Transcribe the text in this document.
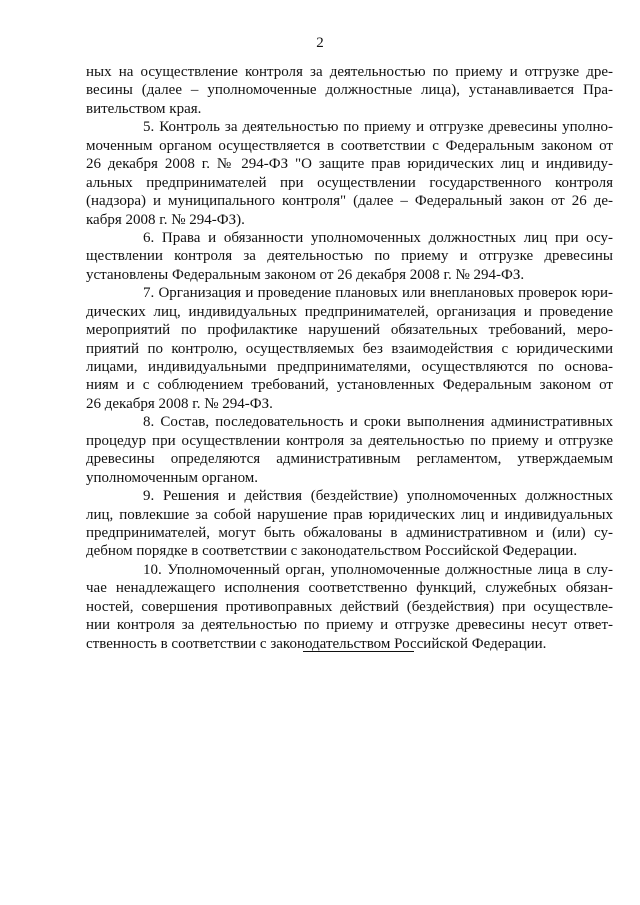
2
ных на осуществление контроля за деятельностью по приему и отгрузке дре-
весины (далее – уполномоченные должностные лица), устанавливается Пра-
вительством края.
5. Контроль за деятельностью по приему и отгрузке древесины уполно-
моченным органом осуществляется в соответствии с Федеральным законом от
26 декабря 2008 г. № 294-ФЗ "О защите прав юридических лиц и индивиду-
альных предпринимателей при осуществлении государственного контроля
(надзора) и муниципального контроля" (далее – Федеральный закон от 26 де-
кабря 2008 г. № 294-ФЗ).
6. Права и обязанности уполномоченных должностных лиц при осу-
ществлении контроля за деятельностью по приему и отгрузке древесины
установлены Федеральным законом от 26 декабря 2008 г. № 294-ФЗ.
7. Организация и проведение плановых или внеплановых проверок юри-
дических лиц, индивидуальных предпринимателей, организация и проведение
мероприятий по профилактике нарушений обязательных требований, меро-
приятий по контролю, осуществляемых без взаимодействия с юридическими
лицами, индивидуальными предпринимателями, осуществляются по основа-
ниям и с соблюдением требований, установленных Федеральным законом от
26 декабря 2008 г. № 294-ФЗ.
8. Состав, последовательность и сроки выполнения административных
процедур при осуществлении контроля за деятельностью по приему и отгрузке
древесины определяются административным регламентом, утверждаемым
уполномоченным органом.
9. Решения и действия (бездействие) уполномоченных должностных
лиц, повлекшие за собой нарушение прав юридических лиц и индивидуальных
предпринимателей, могут быть обжалованы в административном и (или) су-
дебном порядке в соответствии с законодательством Российской Федерации.
10. Уполномоченный орган, уполномоченные должностные лица в слу-
чае ненадлежащего исполнения соответственно функций, служебных обязан-
ностей, совершения противоправных действий (бездействия) при осуществле-
нии контроля за деятельностью по приему и отгрузке древесины несут ответ-
ственность в соответствии с законодательством Российской Федерации.
